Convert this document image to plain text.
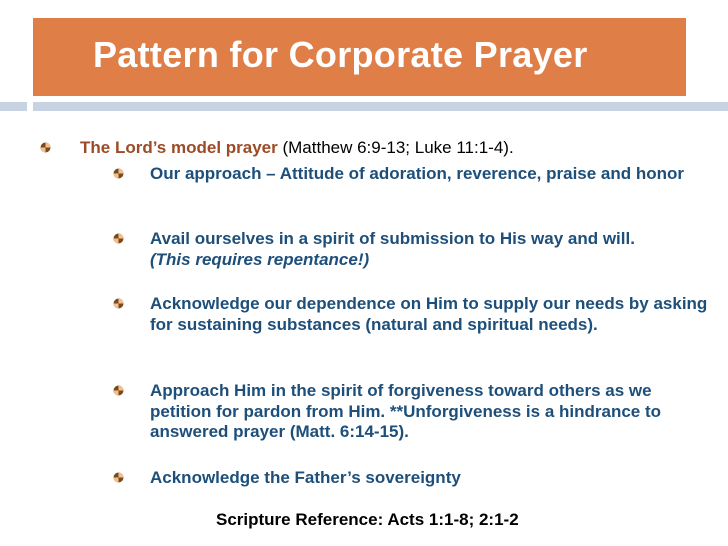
Pattern for Corporate Prayer
The Lord’s model prayer (Matthew 6:9-13; Luke 11:1-4).
Our approach – Attitude of adoration, reverence, praise and honor
Avail ourselves in a spirit of submission to His way and will.
(This requires repentance!)
Acknowledge our dependence on Him to supply our needs by asking for sustaining substances (natural and spiritual needs).
Approach Him in the spirit of forgiveness toward others as we petition for pardon from Him. **Unforgiveness is a hindrance to answered prayer (Matt. 6:14-15).
Acknowledge the Father’s sovereignty
Scripture Reference: Acts 1:1-8; 2:1-2
